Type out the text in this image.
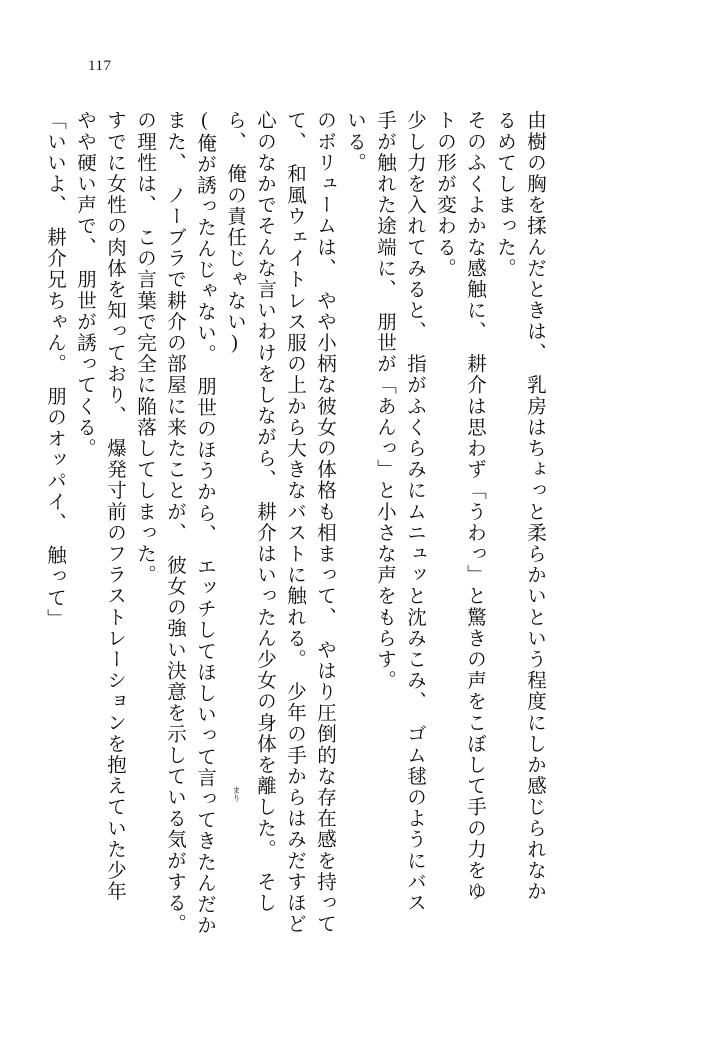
117
「いいよ、　耕介兄ちゃん。　朋のオッパイ、　触って」 やや硬い声で、　朋世が誘ってくる。 すでに女性の肉体を知っており、　爆発寸前のフラストレーションを抱えていた少年 の理性は、　この言葉で完全に陥落してしまった。 また、　ノーブラで耕介の部屋に来たことが、　彼女の強い決意を示している気がする。 (俺が誘ったんじゃない。　朋世のほうから、　エッチしてほしいって言ってきたんだか ら、　俺の責任じゃない) 心のなかでそんな言いわけをしながら、　耕介はいったん少女の身体を離した。　そし て、　和風ウェイトレス服の上から大きなバストに触れる。　少年の手からはみだすほど のボリュームは、　やや小柄な彼女の体格も相まって、　やはり圧倒的な存在感を持って いる。 手が触れた途端に、　朋世が「あんっ」と小さな声をもらす。 少し力を入れてみると、　指がふくらみにムニュッと沈みこみ、　ゴム毬のようにバス トの形が変わる。 そのふくよかな感触に、　耕介は思わず「うわっ」と驚きの声をこぼして手の力をゆ るめてしまった。 由樹の胸を揉んだときは、　乳房はちょっと柔らかいという程度にしか感じられなか
まり
